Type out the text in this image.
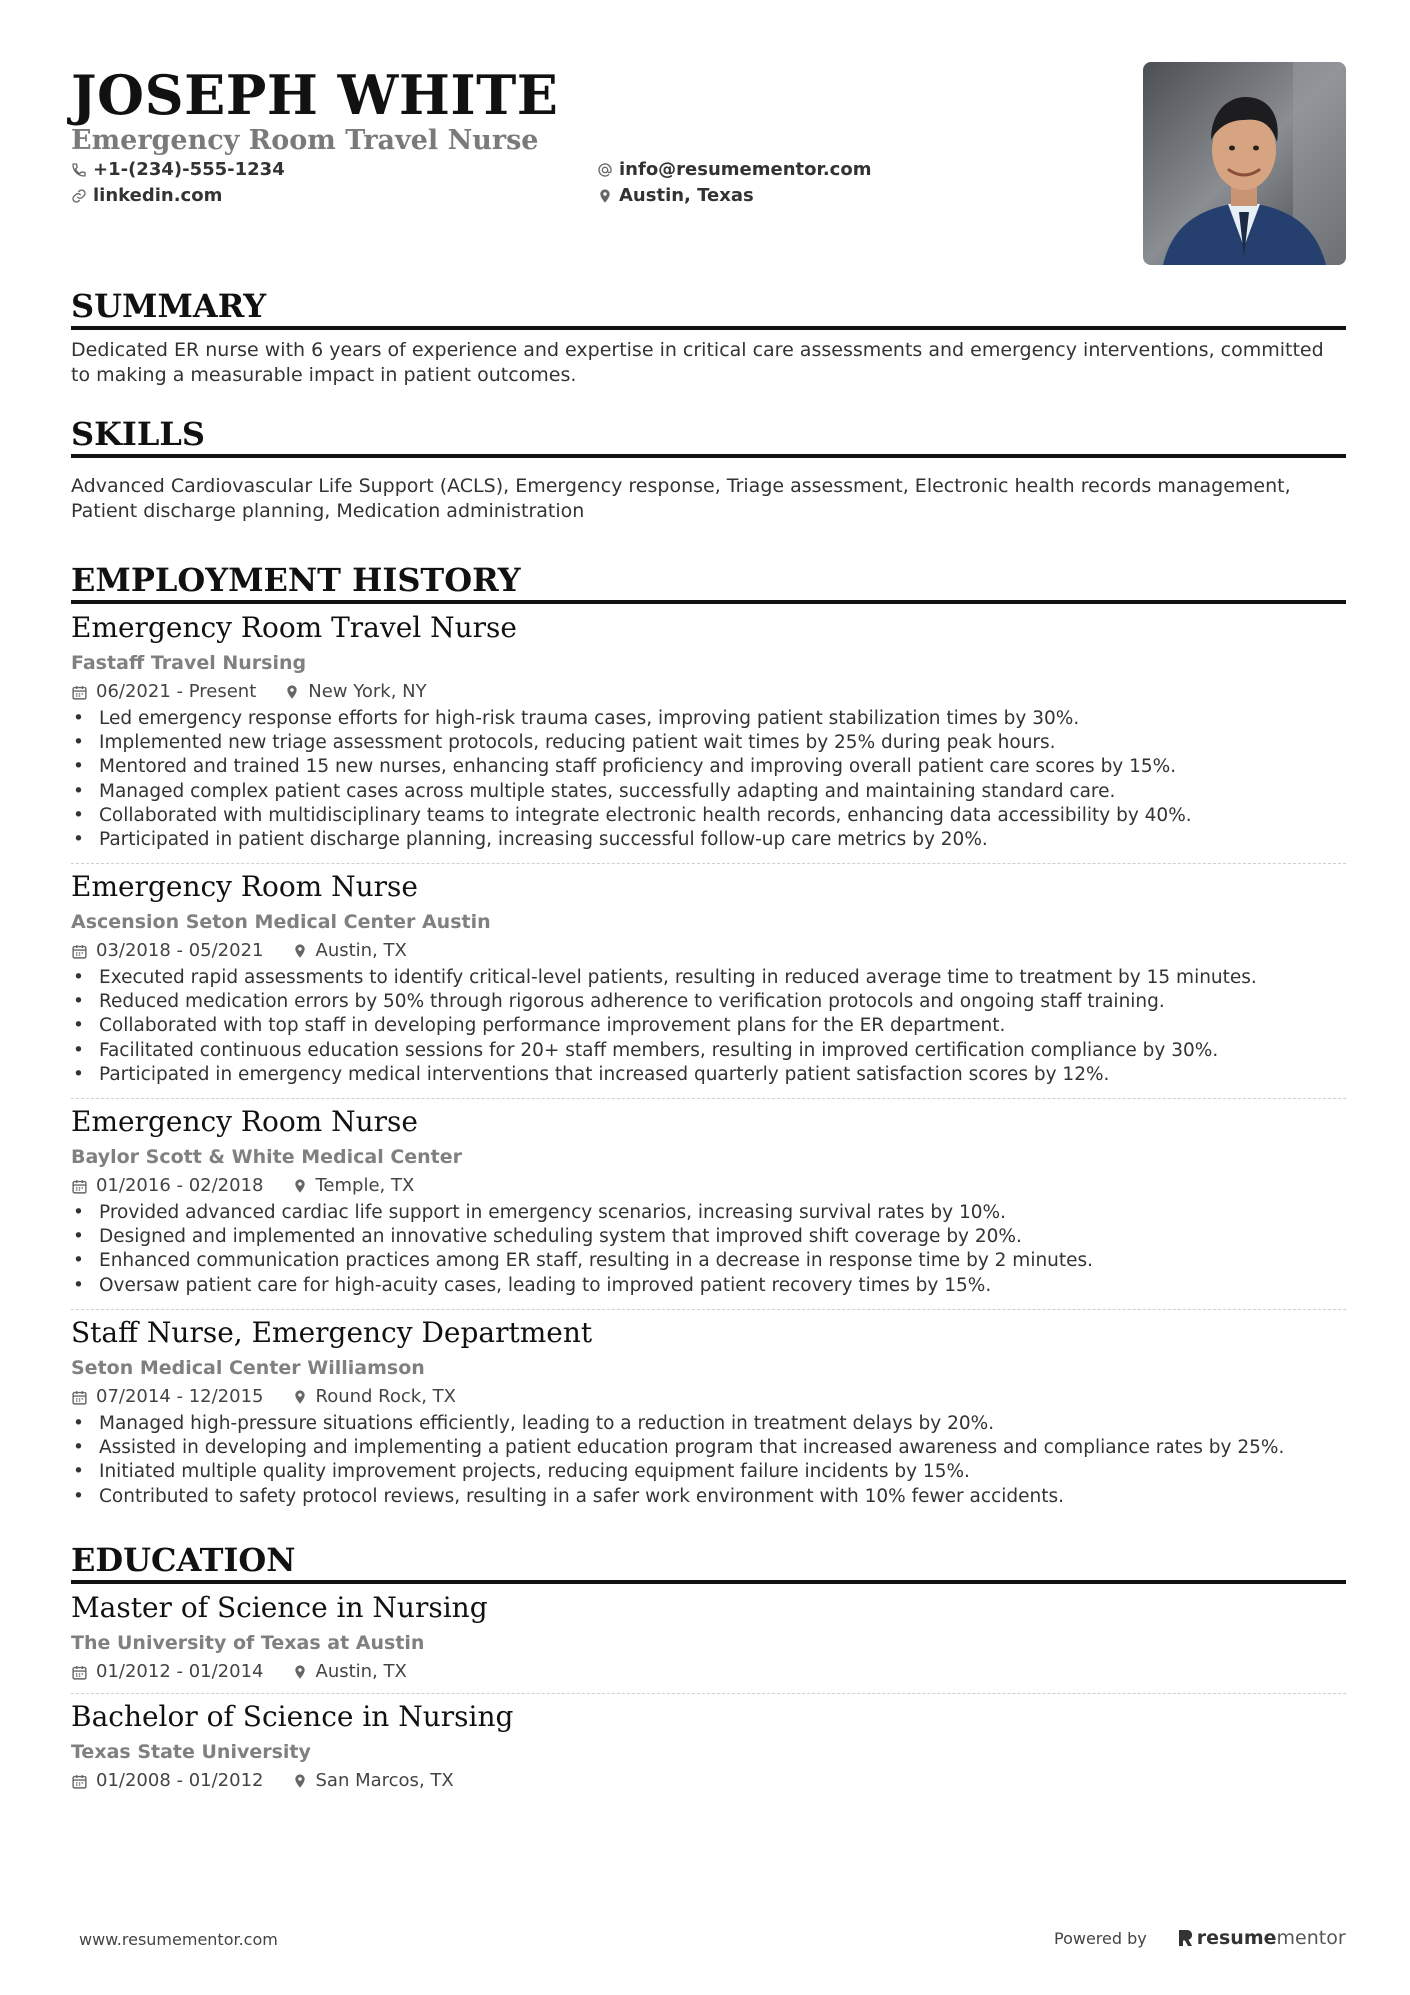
JOSEPH WHITE
Emergency Room Travel Nurse
+1-(234)-555-1234
linkedin.com
info@resumementor.com
Austin, Texas
SUMMARY

Dedicated ER nurse with 6 years of experience and expertise in critical care assessments and emergency interventions, committed to making a measurable impact in patient outcomes.

SKILLS

Advanced Cardiovascular Life Support (ACLS), Emergency response, Triage assessment, Electronic health records management, Patient discharge planning, Medication administration

EMPLOYMENT HISTORY
Emergency Room Travel Nurse
Fastaff Travel Nursing
06/2021 - Present	New York, NY
• Led emergency response efforts for high-risk trauma cases, improving patient stabilization times by 30%.
• Implemented new triage assessment protocols, reducing patient wait times by 25% during peak hours.
• Mentored and trained 15 new nurses, enhancing staff proficiency and improving overall patient care scores by 15%.
• Managed complex patient cases across multiple states, successfully adapting and maintaining standard care.
• Collaborated with multidisciplinary teams to integrate electronic health records, enhancing data accessibility by 40%.
• Participated in patient discharge planning, increasing successful follow-up care metrics by 20%.
Emergency Room Nurse
Ascension Seton Medical Center Austin
03/2018 - 05/2021	Austin, TX
• Executed rapid assessments to identify critical-level patients, resulting in reduced average time to treatment by 15 minutes.
• Reduced medication errors by 50% through rigorous adherence to verification protocols and ongoing staff training.
• Collaborated with top staff in developing performance improvement plans for the ER department.
• Facilitated continuous education sessions for 20+ staff members, resulting in improved certification compliance by 30%.
• Participated in emergency medical interventions that increased quarterly patient satisfaction scores by 12%.
Emergency Room Nurse
Baylor Scott & White Medical Center
01/2016 - 02/2018	Temple, TX
• Provided advanced cardiac life support in emergency scenarios, increasing survival rates by 10%.
• Designed and implemented an innovative scheduling system that improved shift coverage by 20%.
• Enhanced communication practices among ER staff, resulting in a decrease in response time by 2 minutes.
• Oversaw patient care for high-acuity cases, leading to improved patient recovery times by 15%.
Staff Nurse, Emergency Department
Seton Medical Center Williamson
07/2014 - 12/2015	Round Rock, TX
• Managed high-pressure situations efficiently, leading to a reduction in treatment delays by 20%.
• Assisted in developing and implementing a patient education program that increased awareness and compliance rates by 25%.
• Initiated multiple quality improvement projects, reducing equipment failure incidents by 15%.
• Contributed to safety protocol reviews, resulting in a safer work environment with 10% fewer accidents.
EDUCATION
Master of Science in Nursing
The University of Texas at Austin
01/2012 - 01/2014	Austin, TX
Bachelor of Science in Nursing
Texas State University
01/2008 - 01/2012	San Marcos, TX
www.resumementor.com	Powered by	resume mentor
